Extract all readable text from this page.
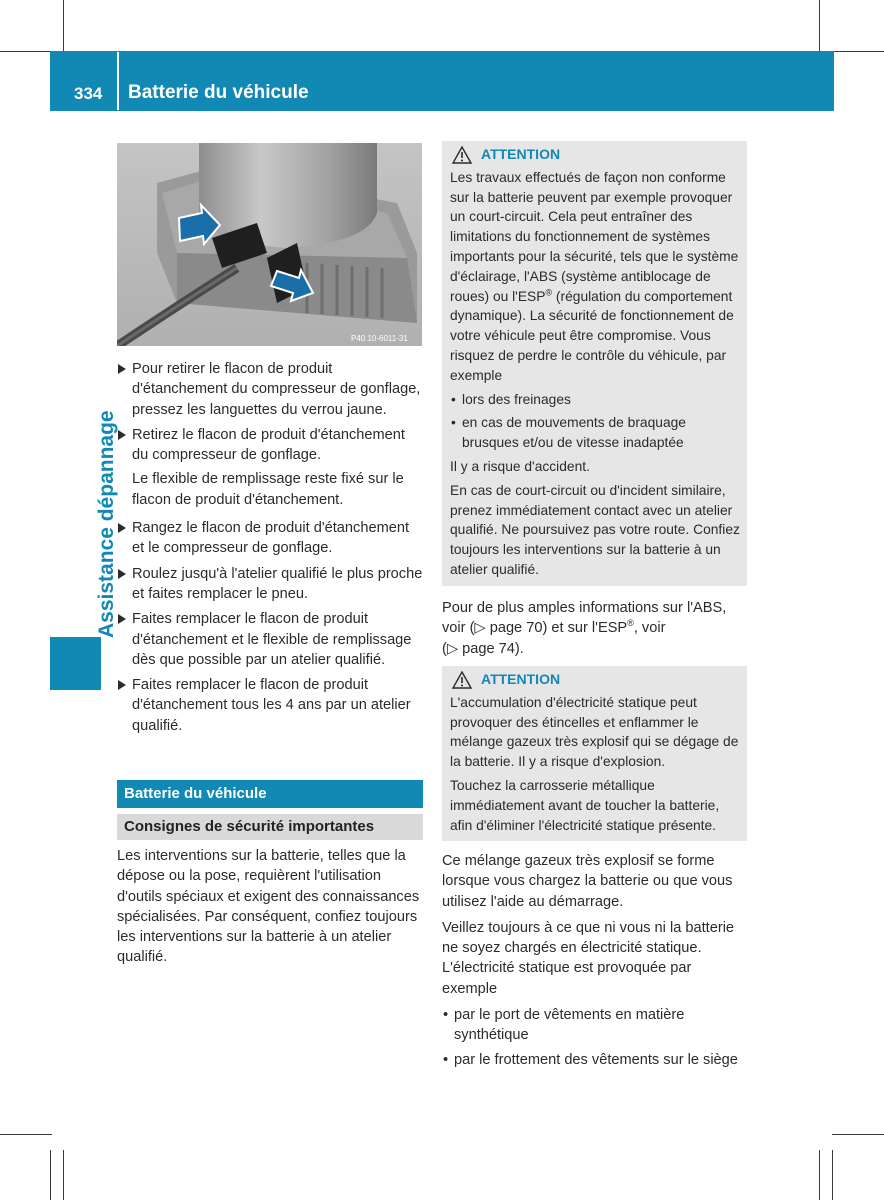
334 Batterie du véhicule
Assistance dépannage
P40.10-6011-31
Pour retirer le flacon de produit d'étanchement du compresseur de gonflage, pressez les languettes du verrou jaune.
Retirez le flacon de produit d'étanchement du compresseur de gonflage.
Le flexible de remplissage reste fixé sur le flacon de produit d'étanchement.
Rangez le flacon de produit d'étanchement et le compresseur de gonflage.
Roulez jusqu'à l'atelier qualifié le plus proche et faites remplacer le pneu.
Faites remplacer le flacon de produit d'étanchement et le flexible de remplissage dès que possible par un atelier qualifié.
Faites remplacer le flacon de produit d'étanchement tous les 4 ans par un atelier qualifié.
Batterie du véhicule
Consignes de sécurité importantes

Les interventions sur la batterie, telles que la dépose ou la pose, requièrent l'utilisation d'outils spéciaux et exigent des connaissances spécialisées. Par conséquent, confiez toujours les interventions sur la batterie à un atelier qualifié.

ATTENTION

Les travaux effectués de façon non conforme sur la batterie peuvent par exemple provoquer un court-circuit. Cela peut entraîner des limitations du fonctionnement de systèmes importants pour la sécurité, tels que le système d'éclairage, l'ABS (système antiblocage de roues) ou l'ESP® (régulation du comportement dynamique). La sécurité de fonctionnement de votre véhicule peut être compromise. Vous risquez de perdre le contrôle du véhicule, par exemple

• lors des freinages
• en cas de mouvements de braquage brusques et/ou de vitesse inadaptée

Il y a risque d'accident.

En cas de court-circuit ou d'incident similaire, prenez immédiatement contact avec un atelier qualifié. Ne poursuivez pas votre route. Confiez toujours les interventions sur la batterie à un atelier qualifié.

Pour de plus amples informations sur l'ABS, voir (▷ page 70) et sur l'ESP®, voir
(▷ page 74).

ATTENTION

L'accumulation d'électricité statique peut provoquer des étincelles et enflammer le mélange gazeux très explosif qui se dégage de la batterie. Il y a risque d'explosion.

Touchez la carrosserie métallique immédiatement avant de toucher la batterie, afin d'éliminer l'électricité statique présente.

Ce mélange gazeux très explosif se forme lorsque vous chargez la batterie ou que vous utilisez l'aide au démarrage.

Veillez toujours à ce que ni vous ni la batterie ne soyez chargés en électricité statique. L'électricité statique est provoquée par exemple

• par le port de vêtements en matière synthétique
• par le frottement des vêtements sur le siège
